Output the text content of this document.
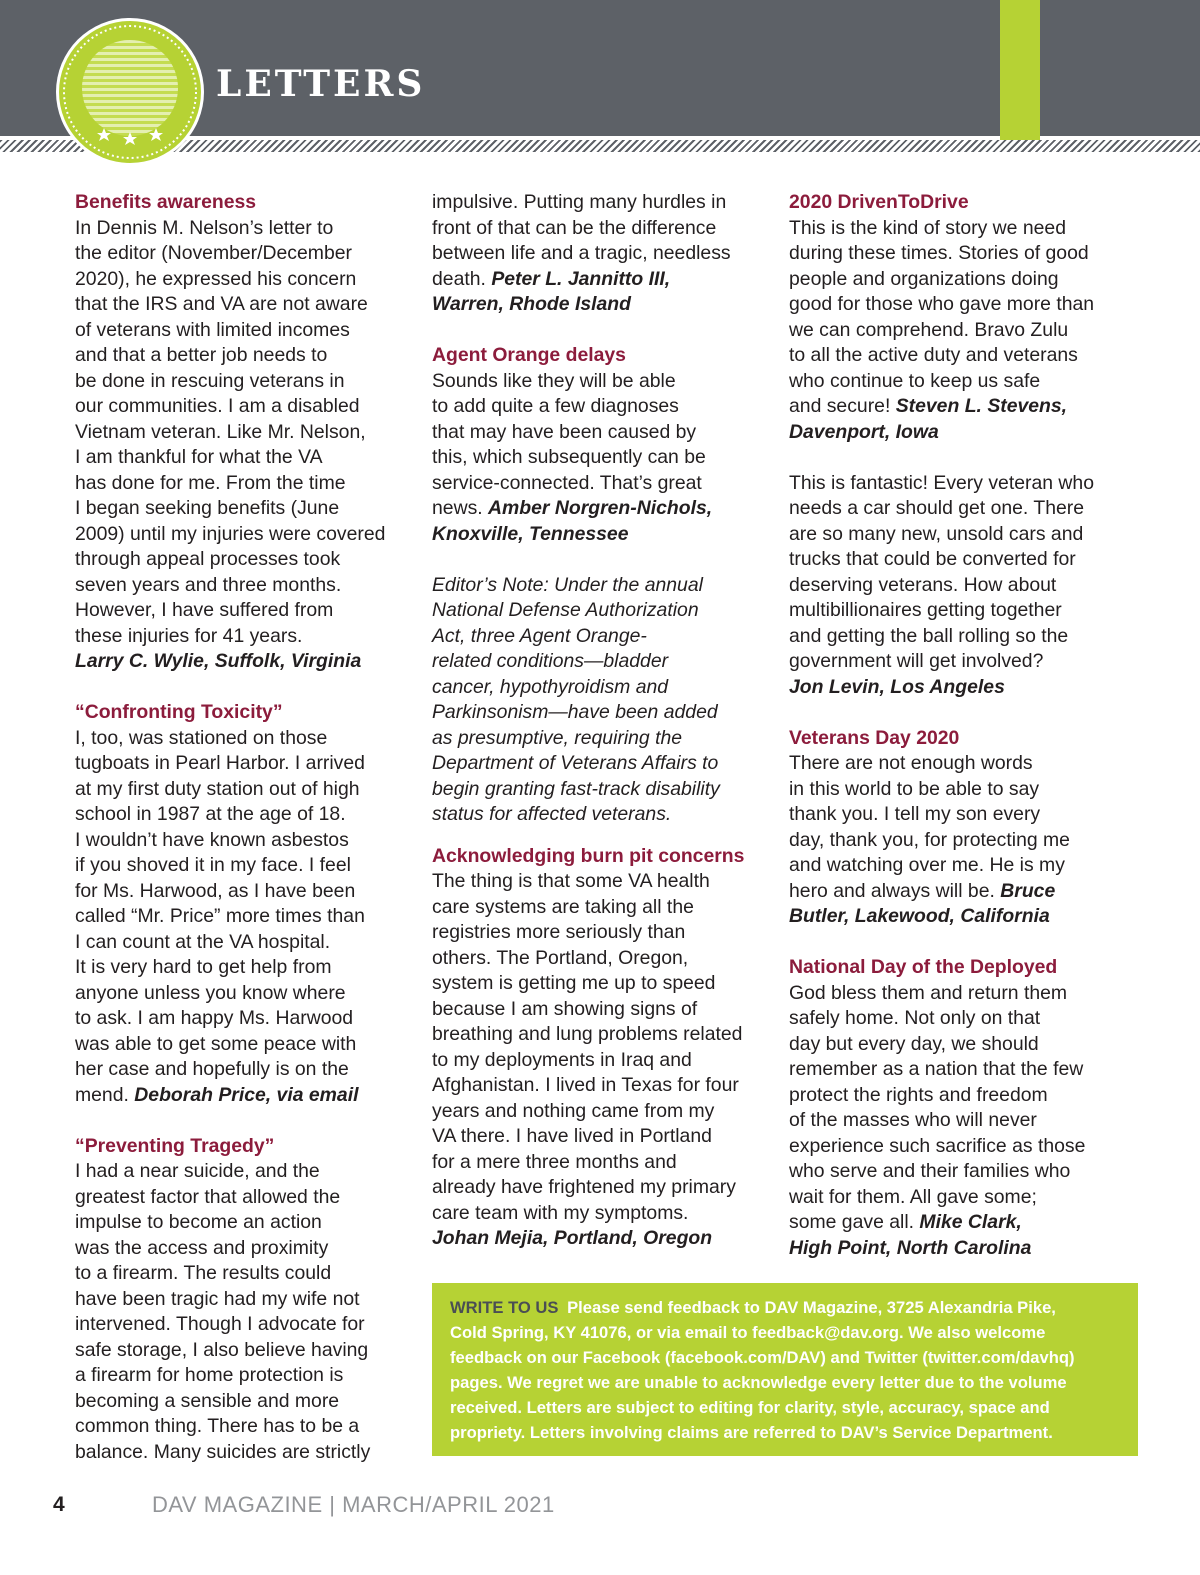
LETTERS
Benefits awareness

In Dennis M. Nelson’s letter to
the editor (November/December
2020), he expressed his concern
that the IRS and VA are not aware
of veterans with limited incomes
and that a better job needs to
be done in rescuing veterans in
our communities. I am a disabled
Vietnam veteran. Like Mr. Nelson,
I am thankful for what the VA
has done for me. From the time
I began seeking benefits (June
2009) until my injuries were covered
through appeal processes took
seven years and three months.
However, I have suffered from
these injuries for 41 years.
Larry C. Wylie, Suffolk, Virginia

“Confronting Toxicity”

I, too, was stationed on those
tugboats in Pearl Harbor. I arrived
at my first duty station out of high
school in 1987 at the age of 18.
I wouldn’t have known asbestos
if you shoved it in my face. I feel
for Ms. Harwood, as I have been
called “Mr. Price” more times than
I can count at the VA hospital.
It is very hard to get help from
anyone unless you know where
to ask. I am happy Ms. Harwood
was able to get some peace with
her case and hopefully is on the
mend. Deborah Price, via email

“Preventing Tragedy”

I had a near suicide, and the
greatest factor that allowed the
impulse to become an action
was the access and proximity
to a firearm. The results could
have been tragic had my wife not
intervened. Though I advocate for
safe storage, I also believe having
a firearm for home protection is
becoming a sensible and more
common thing. There has to be a
balance. Many suicides are strictly

impulsive. Putting many hurdles in
front of that can be the difference
between life and a tragic, needless
death. Peter L. Jannitto III,
Warren, Rhode Island

Agent Orange delays

Sounds like they will be able
to add quite a few diagnoses
that may have been caused by
this, which subsequently can be
service-connected. That’s great
news. Amber Norgren-Nichols,
Knoxville, Tennessee

Editor’s Note: Under the annual
National Defense Authorization
Act, three Agent Orange-
related conditions—bladder
cancer, hypothyroidism and
Parkinsonism—have been added
as presumptive, requiring the
Department of Veterans Affairs to
begin granting fast-track disability
status for affected veterans.
Acknowledging burn pit concerns

The thing is that some VA health
care systems are taking all the
registries more seriously than
others. The Portland, Oregon,
system is getting me up to speed
because I am showing signs of
breathing and lung problems related
to my deployments in Iraq and
Afghanistan. I lived in Texas for four
years and nothing came from my
VA there. I have lived in Portland
for a mere three months and
already have frightened my primary
care team with my symptoms.
Johan Mejia, Portland, Oregon

2020 DrivenToDrive

This is the kind of story we need
during these times. Stories of good
people and organizations doing
good for those who gave more than
we can comprehend. Bravo Zulu
to all the active duty and veterans
who continue to keep us safe
and secure! Steven L. Stevens,
Davenport, Iowa

This is fantastic! Every veteran who
needs a car should get one. There
are so many new, unsold cars and
trucks that could be converted for
deserving veterans. How about
multibillionaires getting together
and getting the ball rolling so the
government will get involved?
Jon Levin, Los Angeles

Veterans Day 2020

There are not enough words
in this world to be able to say
thank you. I tell my son every
day, thank you, for protecting me
and watching over me. He is my
hero and always will be. Bruce
Butler, Lakewood, California

National Day of the Deployed

God bless them and return them
safely home. Not only on that
day but every day, we should
remember as a nation that the few
protect the rights and freedom
of the masses who will never
experience such sacrifice as those
who serve and their families who
wait for them. All gave some;
some gave all. Mike Clark,
High Point, North Carolina

WRITE TO US Please send feedback to DAV Magazine, 3725 Alexandria Pike,
Cold Spring, KY 41076, or via email to feedback@dav.org. We also welcome
feedback on our Facebook (facebook.com/DAV) and Twitter (twitter.com/davhq)
pages. We regret we are unable to acknowledge every letter due to the volume
received. Letters are subject to editing for clarity, style, accuracy, space and
propriety. Letters involving claims are referred to DAV’s Service Department.
4	DAV MAGAZINE | MARCH/APRIL 2021
